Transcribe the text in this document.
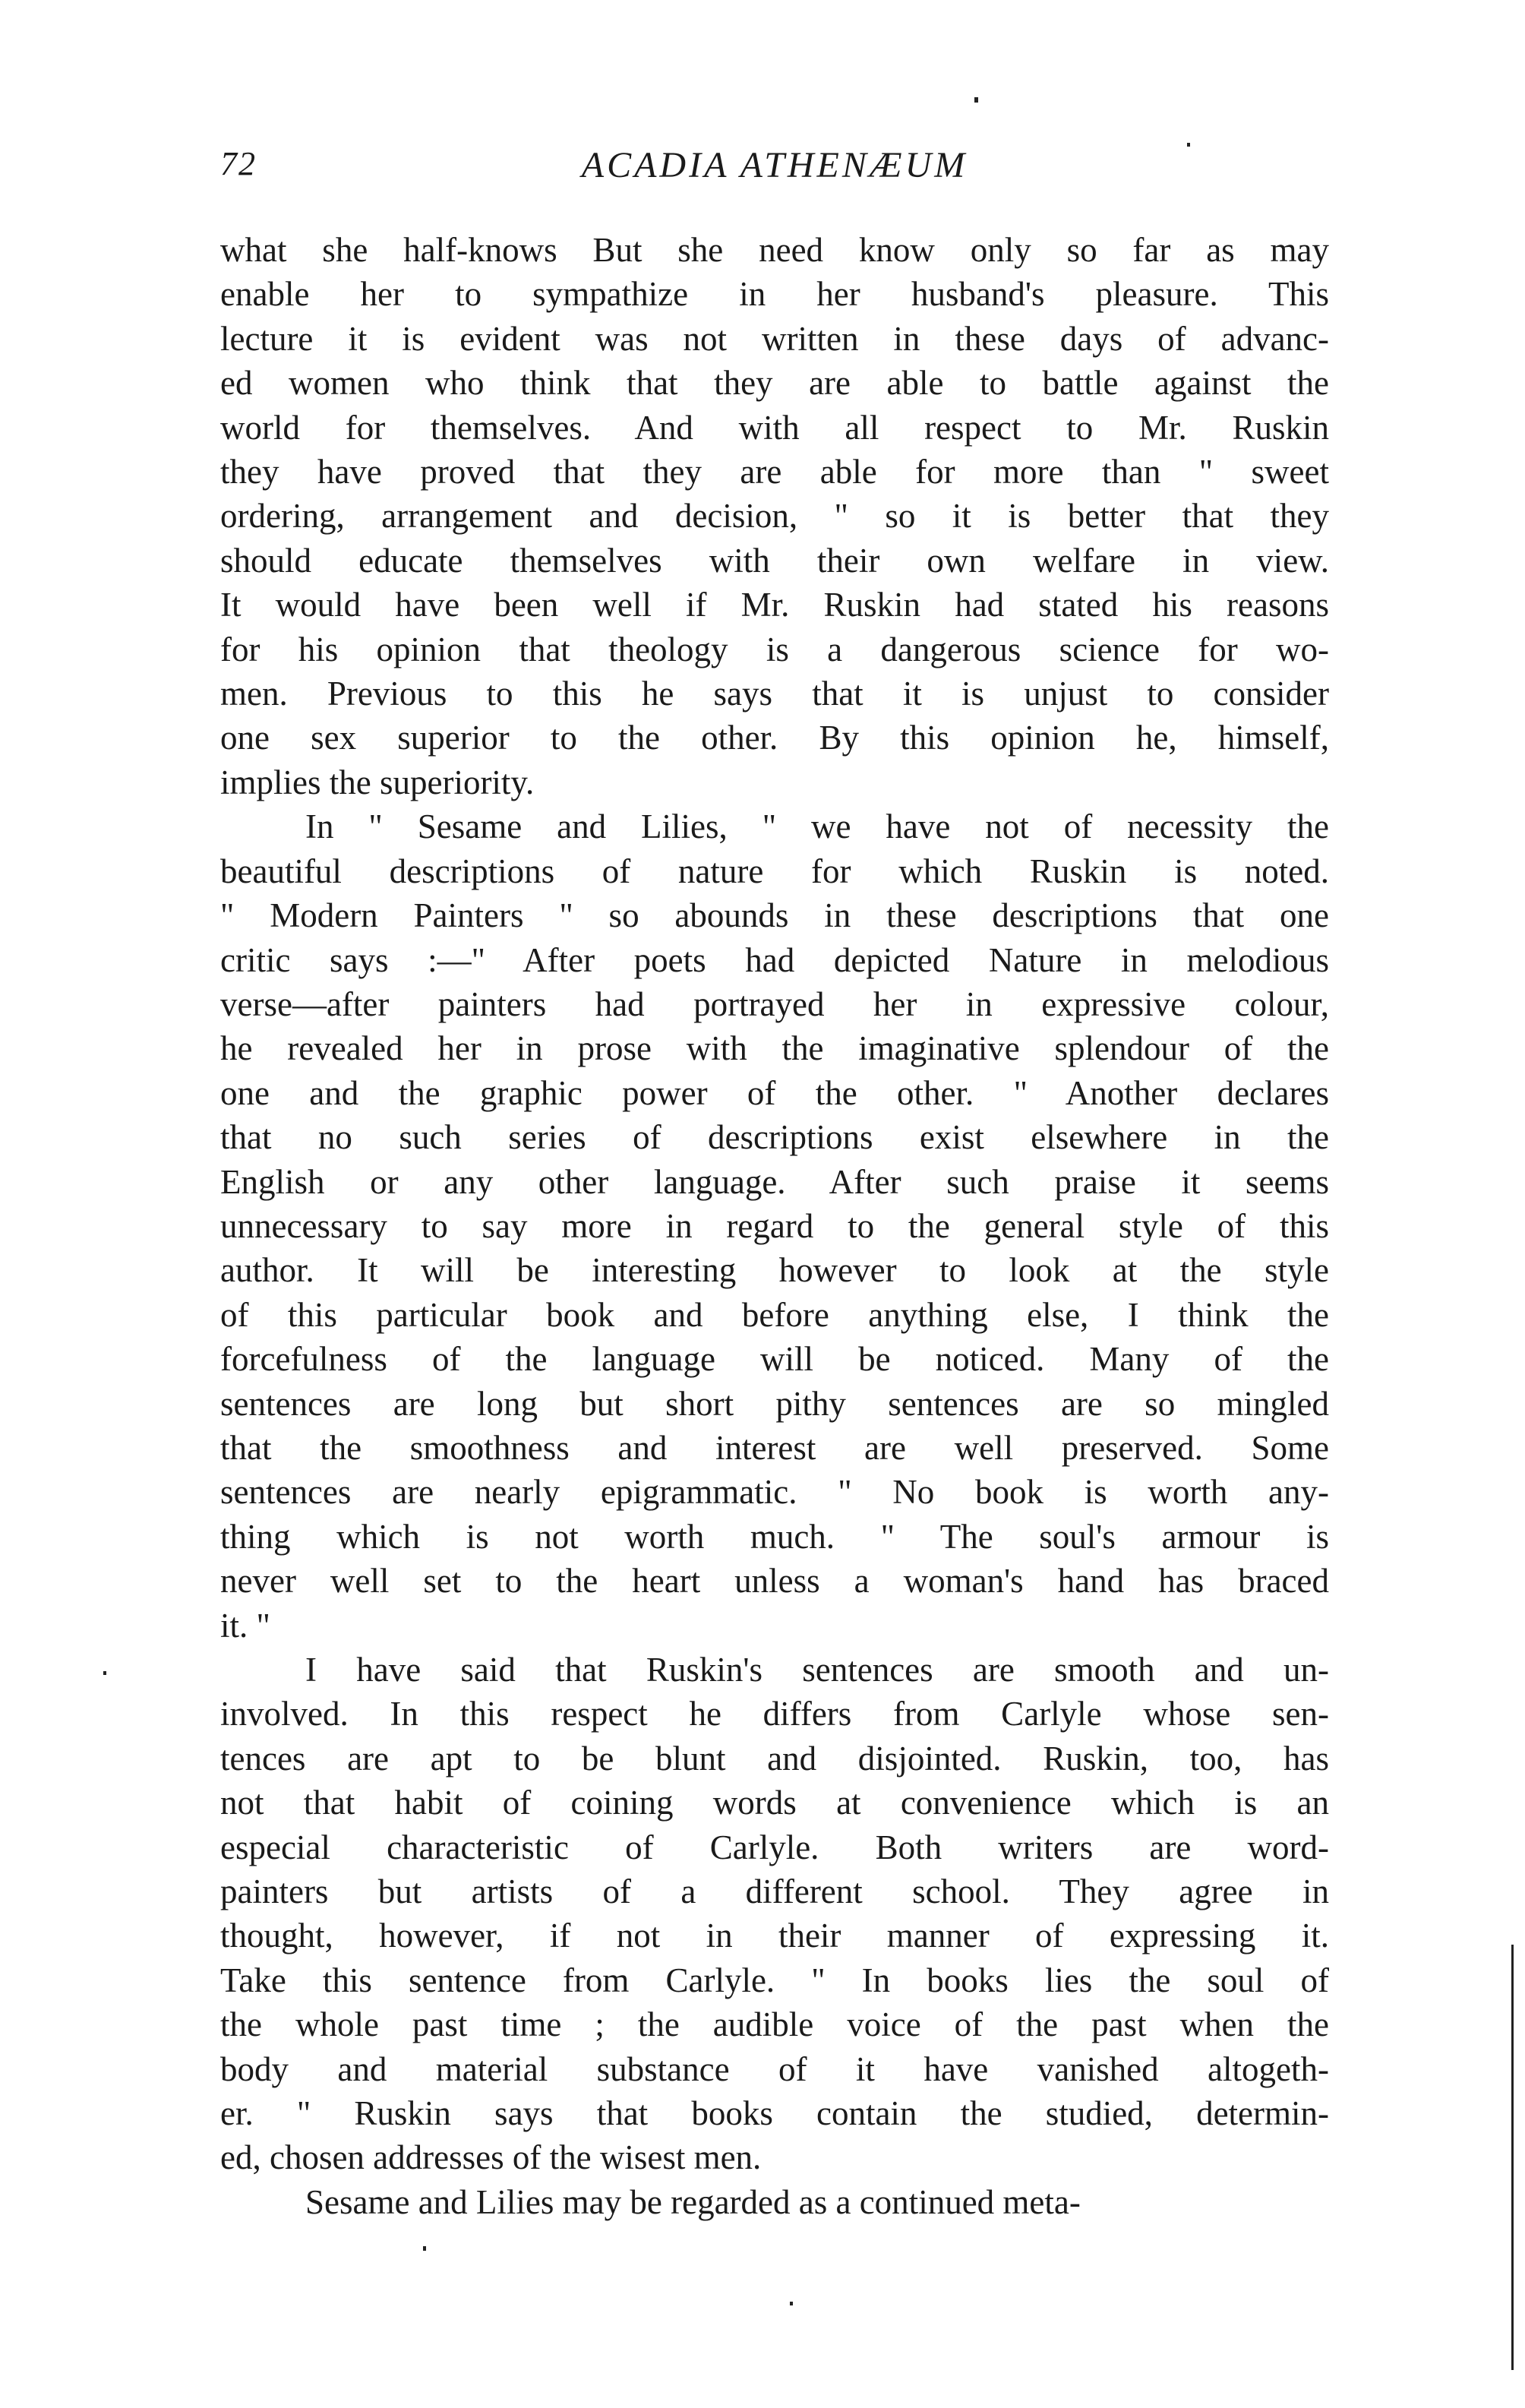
72	ACADIA ATHENÆUM
what she half-knows But she need know only so far as may
enable her to sympathize in her husband's pleasure. This
lecture it is evident was not written in these days of advanc-
ed women who think that they are able to battle against the
world for themselves. And with all respect to Mr. Ruskin
they have proved that they are able for more than " sweet
ordering, arrangement and decision, " so it is better that they
should educate themselves with their own welfare in view.
It would have been well if Mr. Ruskin had stated his reasons
for his opinion that theology is a dangerous science for wo-
men. Previous to this he says that it is unjust to consider
one sex superior to the other. By this opinion he, himself,
implies the superiority.
In " Sesame and Lilies, " we have not of necessity the
beautiful descriptions of nature for which Ruskin is noted.
" Modern Painters " so abounds in these descriptions that one
critic says :—" After poets had depicted Nature in melodious
verse—after painters had portrayed her in expressive colour,
he revealed her in prose with the imaginative splendour of the
one and the graphic power of the other. " Another declares
that no such series of descriptions exist elsewhere in the
English or any other language. After such praise it seems
unnecessary to say more in regard to the general style of this
author. It will be interesting however to look at the style
of this particular book and before anything else, I think the
forcefulness of the language will be noticed. Many of the
sentences are long but short pithy sentences are so mingled
that the smoothness and interest are well preserved. Some
sentences are nearly epigrammatic. " No book is worth any-
thing which is not worth much. " The soul's armour is
never well set to the heart unless a woman's hand has braced
it. "
I have said that Ruskin's sentences are smooth and un-
involved. In this respect he differs from Carlyle whose sen-
tences are apt to be blunt and disjointed. Ruskin, too, has
not that habit of coining words at convenience which is an
especial characteristic of Carlyle. Both writers are word-
painters but artists of a different school. They agree in
thought, however, if not in their manner of expressing it.
Take this sentence from Carlyle. " In books lies the soul of
the whole past time ; the audible voice of the past when the
body and material substance of it have vanished altogeth-
er. " Ruskin says that books contain the studied, determin-
ed, chosen addresses of the wisest men.
Sesame and Lilies may be regarded as a continued meta-
